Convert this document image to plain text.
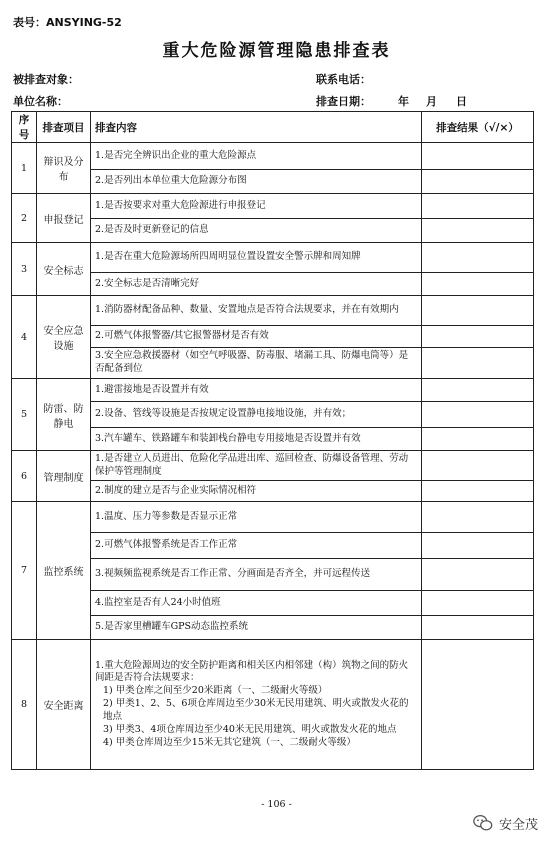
表号：ANSYING-52
重大危险源管理隐患排查表
被排查对象：	联系电话：
单位名称：	排查日期： 年 月 日
序号	排查项目	排查内容	排查结果（√/×）
1	辩识及分布	1.是否完全辨识出企业的重大危险源点	

		2.是否列出本单位重大危险源分布图	

2	申报登记	1.是否按要求对重大危险源进行申报登记	

		2.是否及时更新登记的信息	

3	安全标志	1.是否在重大危险源场所四周明显位置设置安全警示牌和周知牌	

		2.安全标志是否清晰完好	

4	安全应急设施	1.消防器材配备品种、数量、安置地点是否符合法规要求，并在有效期内	

		2.可燃气体报警器/其它报警器材是否有效	

		3.安全应急救援器材（如空气呼吸器、防毒服、堵漏工具、防爆电筒等）是否配备到位	

5	防雷、防静电	1.避雷接地是否设置并有效	

		2.设备、管线等设施是否按规定设置静电接地设施，并有效；	

		3.汽车罐车、铁路罐车和装卸栈台静电专用接地是否设置并有效	

6	管理制度	1.是否建立人员进出、危险化学品进出库、巡回检查、防爆设备管理、劳动保护等管理制度	

		2.制度的建立是否与企业实际情况相符	

7	监控系统	1.温度、压力等参数是否显示正常	

		2.可燃气体报警系统是否工作正常	

		3.视频频监视系统是否工作正常、分画面是否齐全，并可远程传送	

		4.监控室是否有人24小时值班	

		5.是否家里槽罐车GPS动态监控系统	

8	安全距离	1.重大危险源周边的安全防护距离和相关区内相邻建（构）筑物之间的防火间距是否符合法规要求：
1) 甲类仓库之间至少20米距离（一、二级耐火等级）
2) 甲类1、2、5、6项仓库周边至少30米无民用建筑、明火或散发火花的地点
3) 甲类3、4项仓库周边至少40米无民用建筑、明火或散发火花的地点
4) 甲类仓库周边至少15米无其它建筑（一、二级耐火等级）	

- 106 -
安全茂
